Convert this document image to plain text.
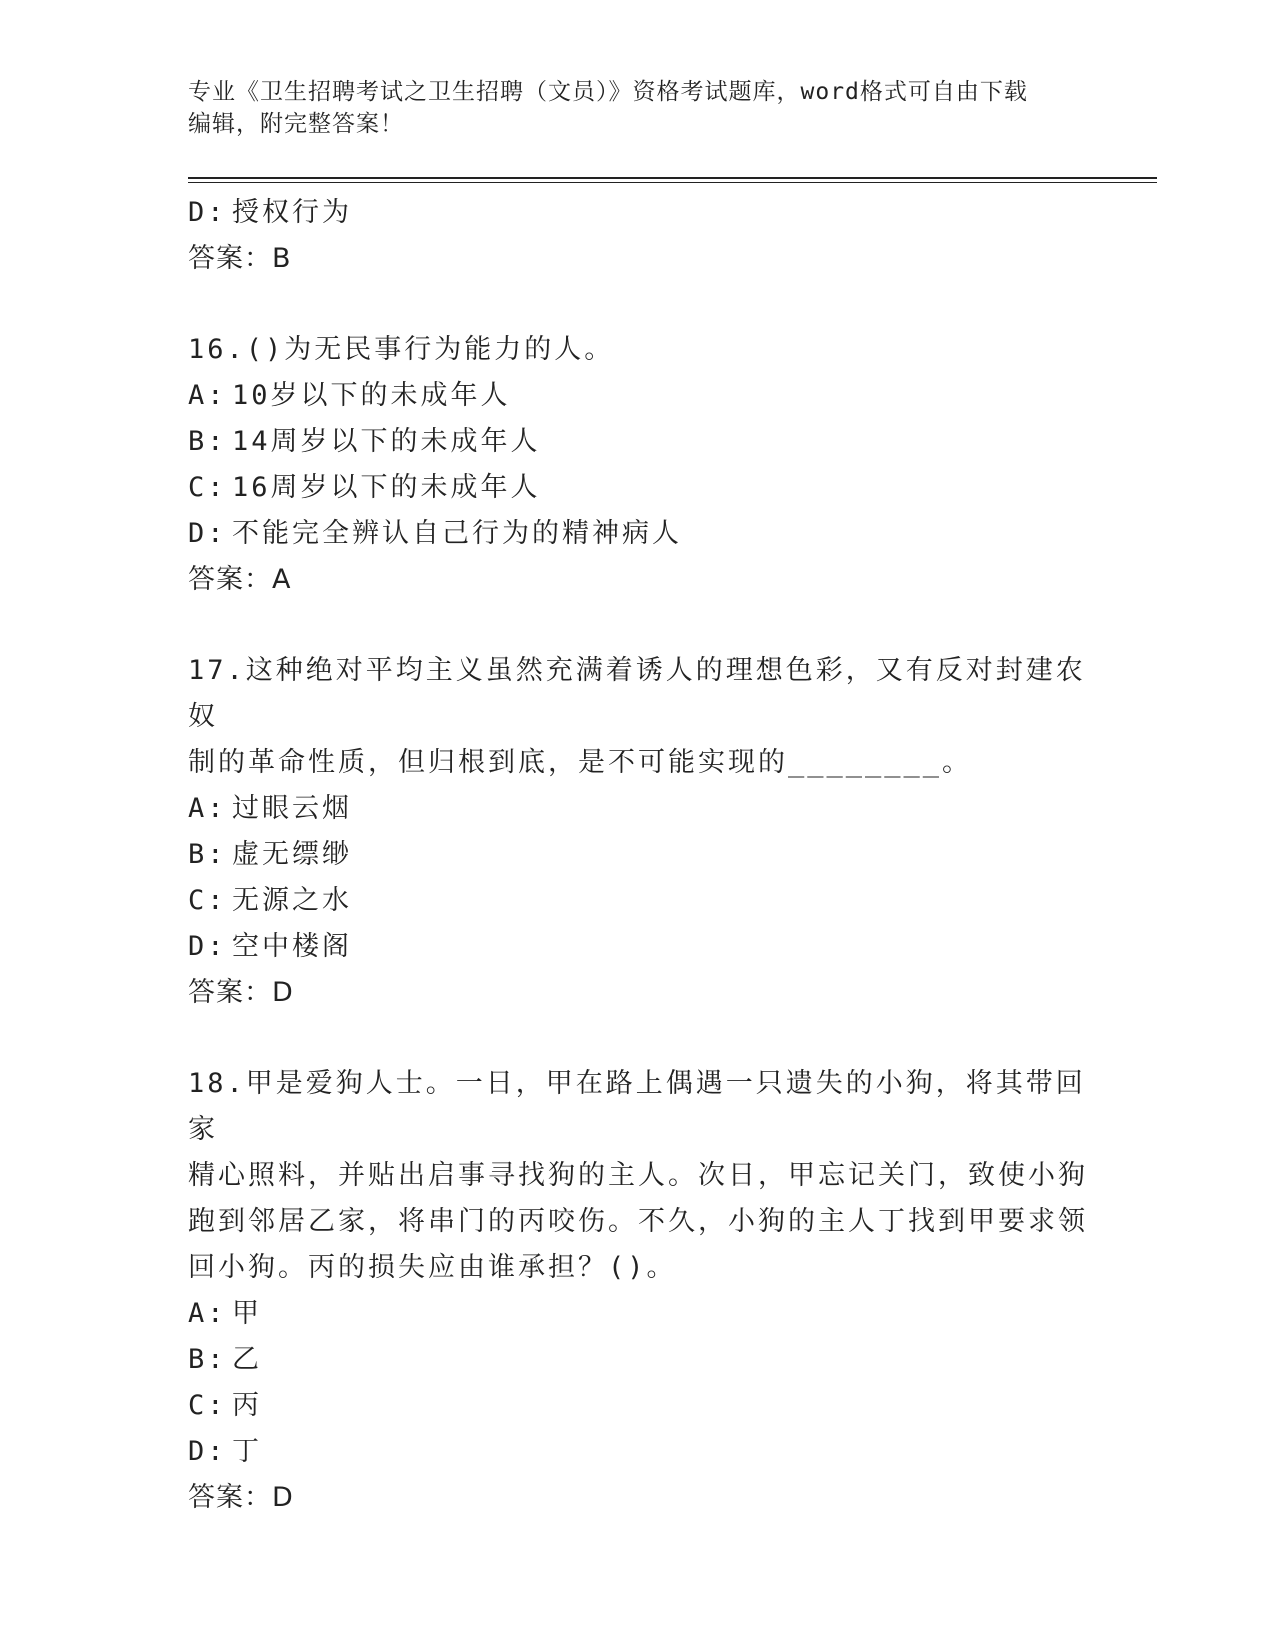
专业《卫生招聘考试之卫生招聘（文员）》资格考试题库，word格式可自由下载
编辑，附完整答案！
D: 授权行为
答案：B
16.()为无民事行为能力的人。
A: 10岁以下的未成年人
B: 14周岁以下的未成年人
C: 16周岁以下的未成年人
D: 不能完全辨认自己行为的精神病人
答案：A
17.这种绝对平均主义虽然充满着诱人的理想色彩，又有反对封建农奴
制的革命性质，但归根到底，是不可能实现的________。
A: 过眼云烟
B: 虚无缥缈
C: 无源之水
D: 空中楼阁
答案：D
18.甲是爱狗人士。一日，甲在路上偶遇一只遗失的小狗，将其带回家
精心照料，并贴出启事寻找狗的主人。次日，甲忘记关门，致使小狗
跑到邻居乙家，将串门的丙咬伤。不久，小狗的主人丁找到甲要求领
回小狗。丙的损失应由谁承担？()。
A: 甲
B: 乙
C: 丙
D: 丁
答案：D
